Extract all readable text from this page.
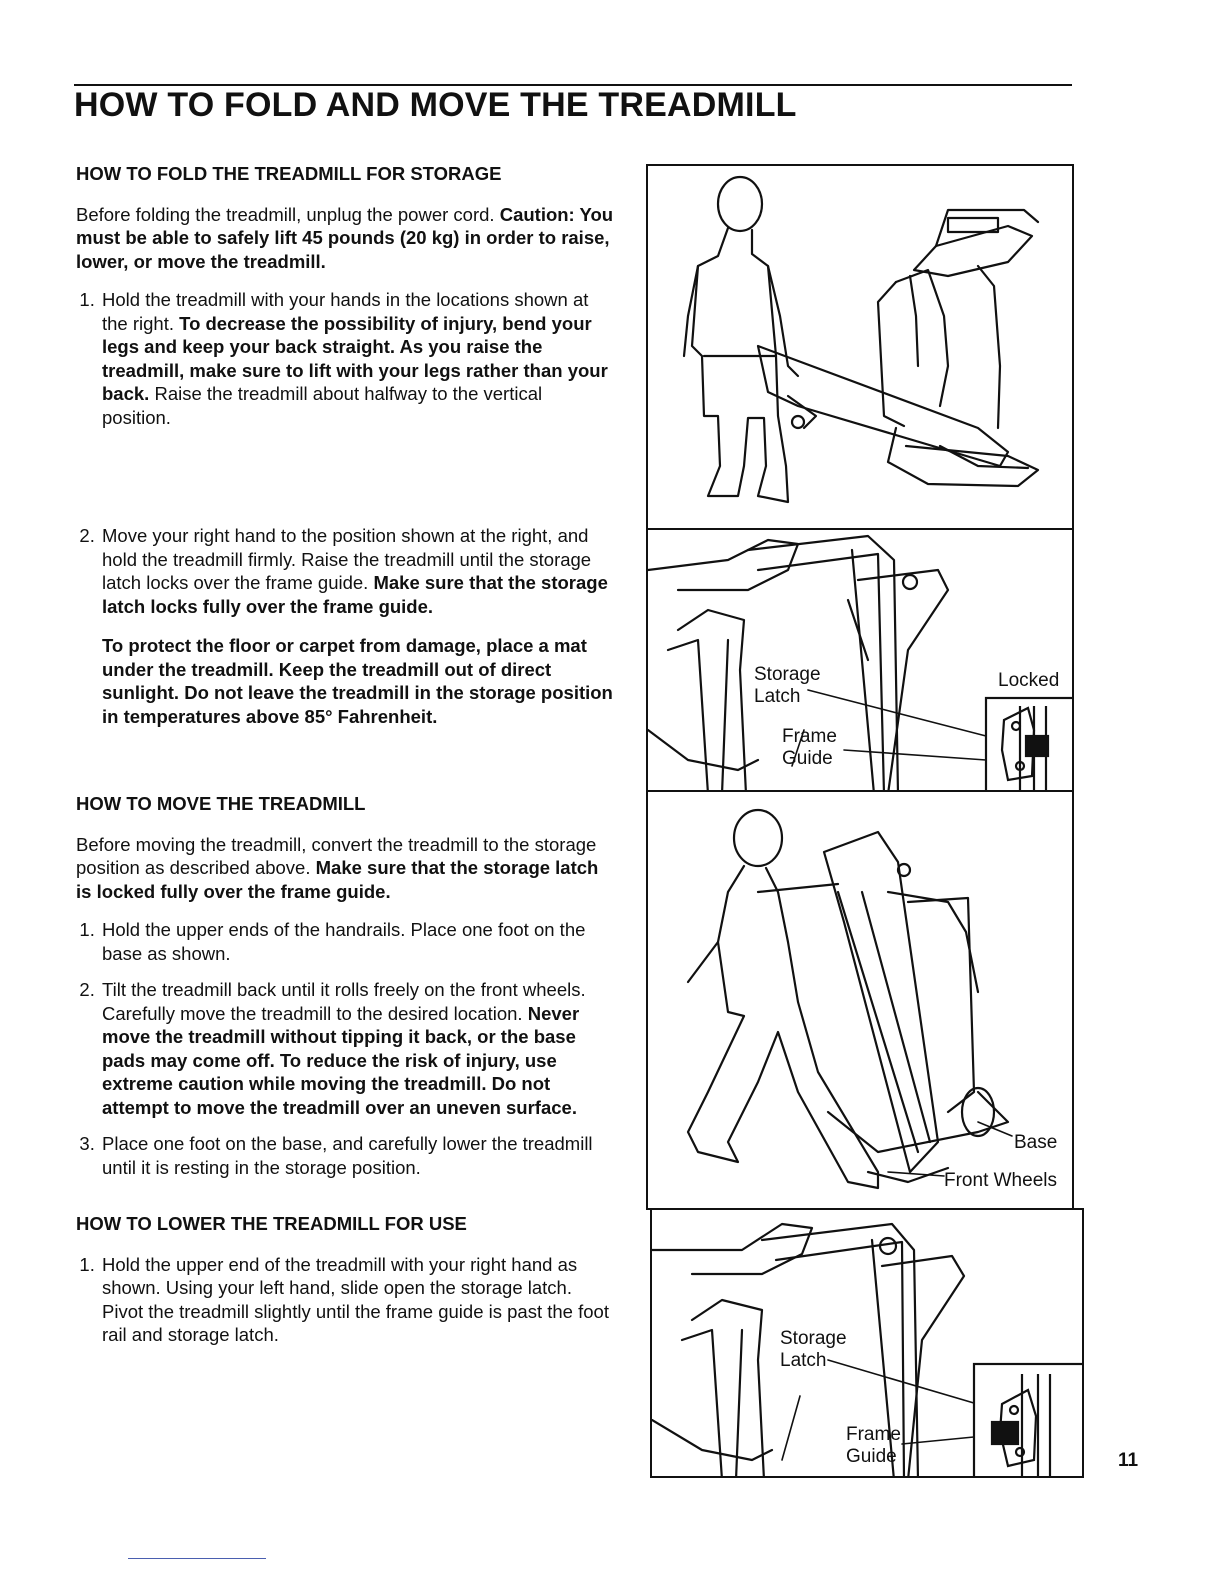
HOW TO FOLD AND MOVE THE TREADMILL
HOW TO FOLD THE TREADMILL FOR STORAGE

Before folding the treadmill, unplug the power cord. Caution: You must be able to safely lift 45 pounds (20 kg) in order to raise, lower, or move the treadmill.

1. Hold the treadmill with your hands in the locations shown at the right. To decrease the possibility of injury, bend your legs and keep your back straight. As you raise the treadmill, make sure to lift with your legs rather than your back. Raise the treadmill about halfway to the vertical position.
2. Move your right hand to the position shown at the right, and hold the treadmill firmly. Raise the treadmill until the storage latch locks over the frame guide. Make sure that the storage latch locks fully over the frame guide.

To protect the floor or carpet from damage, place a mat under the treadmill. Keep the treadmill out of direct sunlight. Do not leave the treadmill in the storage position in temperatures above 85° Fahrenheit.

HOW TO MOVE THE TREADMILL

Before moving the treadmill, convert the treadmill to the storage position as described above. Make sure that the storage latch is locked fully over the frame guide.

1. Hold the upper ends of the handrails. Place one foot on the base as shown.
2. Tilt the treadmill back until it rolls freely on the front wheels. Carefully move the treadmill to the desired location. Never move the treadmill without tipping it back, or the base pads may come off. To reduce the risk of injury, use extreme caution while moving the treadmill. Do not attempt to move the treadmill over an uneven surface.
3. Place one foot on the base, and carefully lower the treadmill until it is resting in the storage position.
HOW TO LOWER THE TREADMILL FOR USE
1. Hold the upper end of the treadmill with your right hand as shown. Using your left hand, slide open the storage latch. Pivot the treadmill slightly until the frame guide is past the foot rail and storage latch.
Storage
Latch
Frame
Guide
Locked
Base
Front Wheels
Storage
Latch
Frame
Guide	11
